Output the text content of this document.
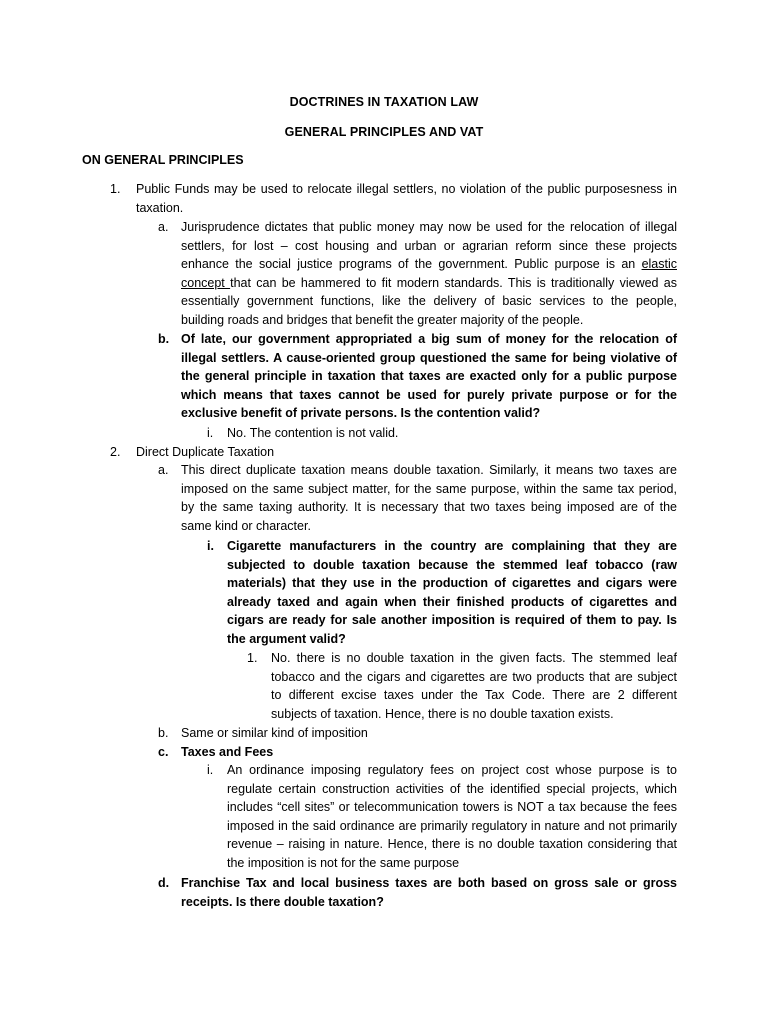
DOCTRINES IN TAXATION LAW
GENERAL PRINCIPLES AND VAT
ON GENERAL PRINCIPLES
1. Public Funds may be used to relocate illegal settlers, no violation of the public purposesness in taxation.
a. Jurisprudence dictates that public money may now be used for the relocation of illegal settlers, for lost – cost housing and urban or agrarian reform since these projects enhance the social justice programs of the government. Public purpose is an elastic concept that can be hammered to fit modern standards. This is traditionally viewed as essentially government functions, like the delivery of basic services to the people, building roads and bridges that benefit the greater majority of the people.
b. Of late, our government appropriated a big sum of money for the relocation of illegal settlers. A cause-oriented group questioned the same for being violative of the general principle in taxation that taxes are exacted only for a public purpose which means that taxes cannot be used for purely private purpose or for the exclusive benefit of private persons. Is the contention valid?
i. No. The contention is not valid.
2. Direct Duplicate Taxation
a. This direct duplicate taxation means double taxation. Similarly, it means two taxes are imposed on the same subject matter, for the same purpose, within the same tax period, by the same taxing authority. It is necessary that two taxes being imposed are of the same kind or character.
i. Cigarette manufacturers in the country are complaining that they are subjected to double taxation because the stemmed leaf tobacco (raw materials) that they use in the production of cigarettes and cigars were already taxed and again when their finished products of cigarettes and cigars are ready for sale another imposition is required of them to pay. Is the argument valid?
1. No. there is no double taxation in the given facts. The stemmed leaf tobacco and the cigars and cigarettes are two products that are subject to different excise taxes under the Tax Code. There are 2 different subjects of taxation. Hence, there is no double taxation exists.
b. Same or similar kind of imposition
c. Taxes and Fees
i. An ordinance imposing regulatory fees on project cost whose purpose is to regulate certain construction activities of the identified special projects, which includes “cell sites” or telecommunication towers is NOT a tax because the fees imposed in the said ordinance are primarily regulatory in nature and not primarily revenue – raising in nature. Hence, there is no double taxation considering that the imposition is not for the same purpose
d. Franchise Tax and local business taxes are both based on gross sale or gross receipts. Is there double taxation?
